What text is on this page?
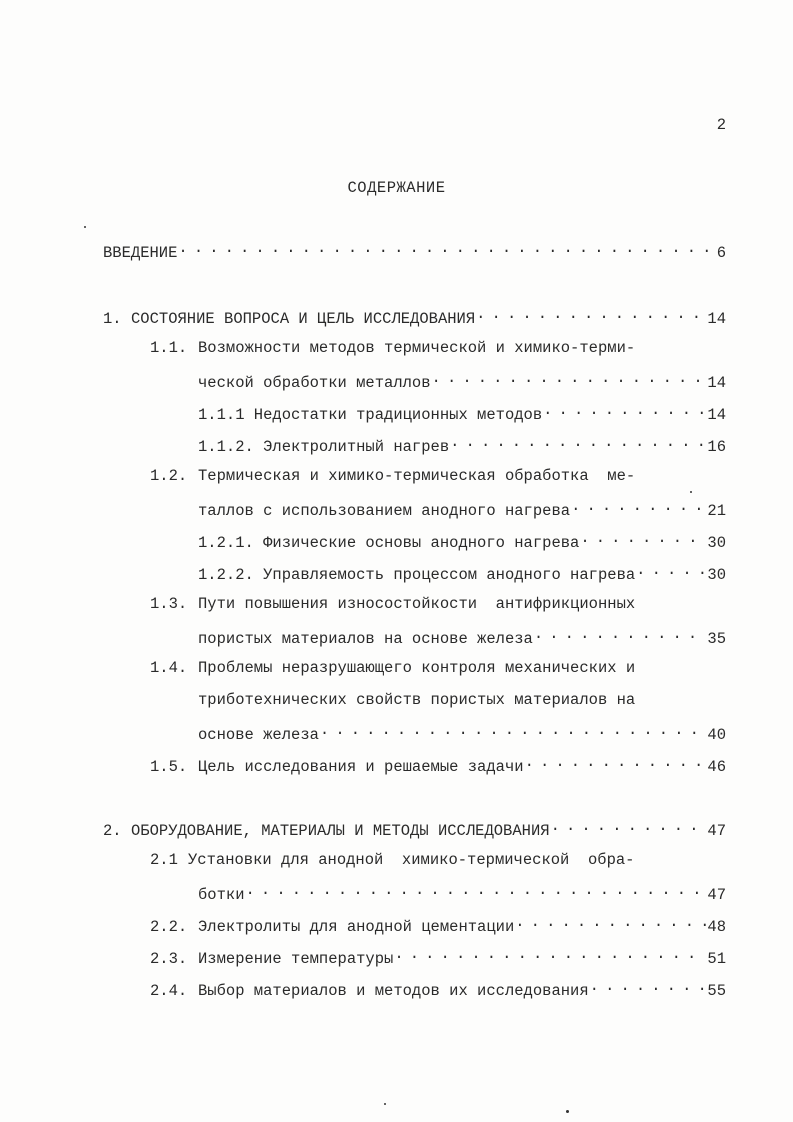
2
СОДЕРЖАНИЕ
ВВЕДЕНИЕ . . .	6
1. СОСТОЯНИЕ ВОПРОСА И ЦЕЛЬ ИССЛЕДОВАНИЯ . . .	14
1.1. Возможности методов термической и химико-терми-
ческой обработки металлов . . .	14
1.1.1 Недостатки традиционных методов . . .	14
1.1.2. Электролитный нагрев . . .	16
1.2. Термическая и химико-термическая обработка  ме-
таллов с использованием анодного нагрева . . .	21
1.2.1. Физические основы анодного нагрева . . .	30
1.2.2. Управляемость процессом анодного нагрева . . .	30
1.3. Пути повышения износостойкости  антифрикционных
пористых материалов на основе железа . . .	35
1.4. Проблемы неразрушающего контроля механических и
триботехнических свойств пористых материалов на
основе железа . . .	40
1.5. Цель исследования и решаемые задачи . . .	46
2. ОБОРУДОВАНИЕ, МАТЕРИАЛЫ И МЕТОДЫ ИССЛЕДОВАНИЯ . . .	47
2.1 Установки для анодной  химико-термической  обра-
ботки . . .	47
2.2. Электролиты для анодной цементации . . .	48
2.3. Измерение температуры . . .	51
2.4. Выбор материалов и методов их исследования . . .	55
